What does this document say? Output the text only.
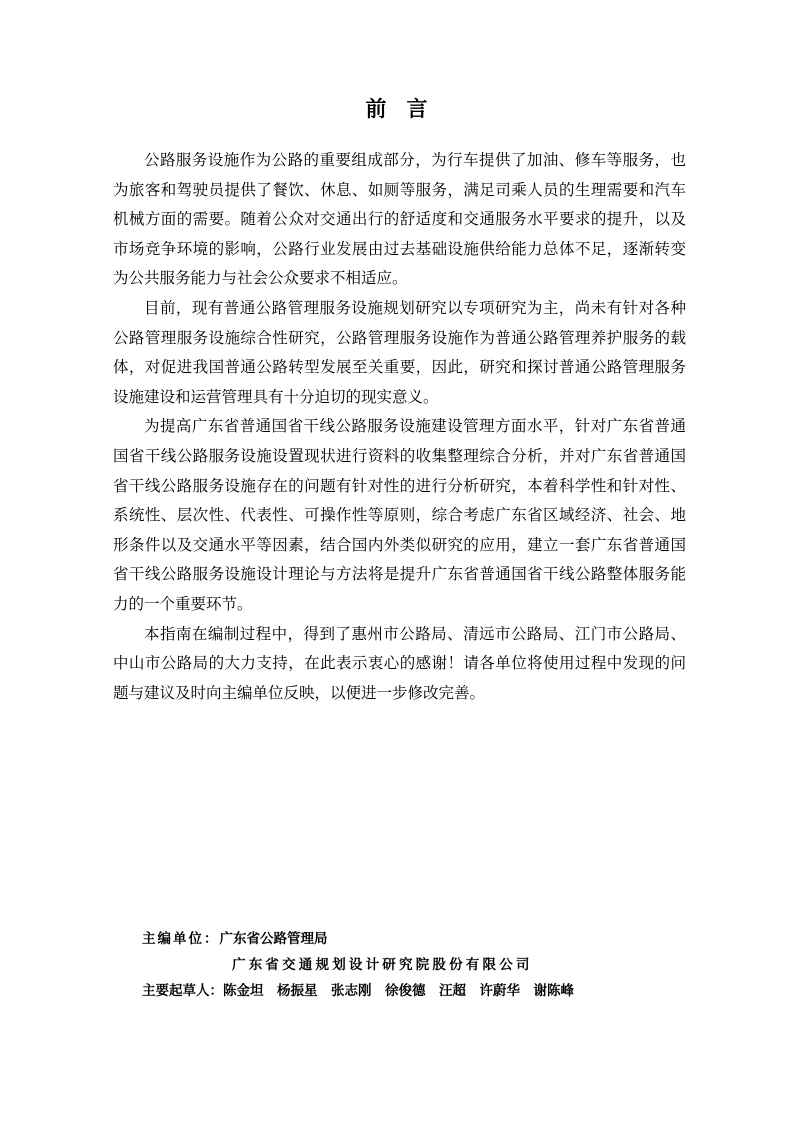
前言

公路服务设施作为公路的重要组成部分，为行车提供了加油、修车等服务，也为旅客和驾驶员提供了餐饮、休息、如厕等服务，满足司乘人员的生理需要和汽车机械方面的需要。随着公众对交通出行的舒适度和交通服务水平要求的提升，以及市场竞争环境的影响，公路行业发展由过去基础设施供给能力总体不足，逐渐转变为公共服务能力与社会公众要求不相适应。

目前，现有普通公路管理服务设施规划研究以专项研究为主，尚未有针对各种公路管理服务设施综合性研究，公路管理服务设施作为普通公路管理养护服务的载体，对促进我国普通公路转型发展至关重要，因此，研究和探讨普通公路管理服务设施建设和运营管理具有十分迫切的现实意义。

为提高广东省普通国省干线公路服务设施建设管理方面水平，针对广东省普通国省干线公路服务设施设置现状进行资料的收集整理综合分析，并对广东省普通国省干线公路服务设施存在的问题有针对性的进行分析研究，本着科学性和针对性、系统性、层次性、代表性、可操作性等原则，综合考虑广东省区域经济、社会、地形条件以及交通水平等因素，结合国内外类似研究的应用，建立一套广东省普通国省干线公路服务设施设计理论与方法将是提升广东省普通国省干线公路整体服务能力的一个重要环节。

本指南在编制过程中，得到了惠州市公路局、清远市公路局、江门市公路局、中山市公路局的大力支持，在此表示衷心的感谢！请各单位将使用过程中发现的问题与建议及时向主编单位反映，以便进一步修改完善。

主编单位：广东省公路管理局
广东省交通规划设计研究院股份有限公司
主要起草人：陈金坦　杨振星　张志刚　徐俊德　汪超　许蔚华　谢陈峰
